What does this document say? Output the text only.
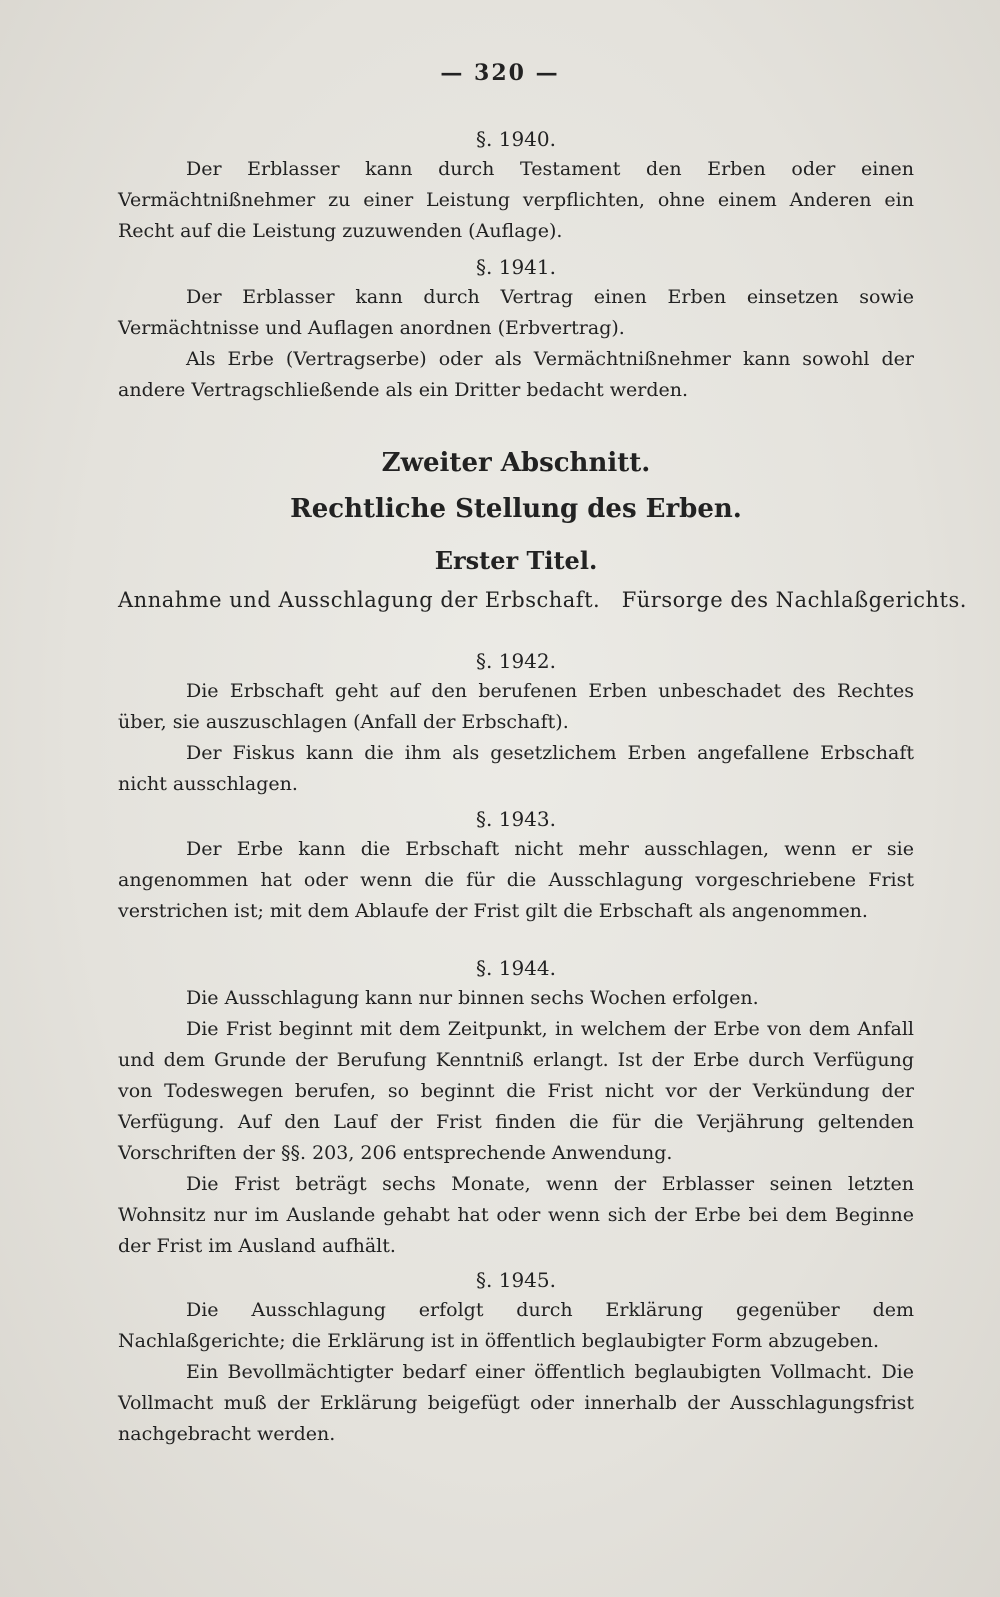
— 320 —

§. 1940.

Der Erblasser kann durch Testament den Erben oder einen Vermächtnißnehmer zu einer Leistung verpflichten, ohne einem Anderen ein Recht auf die Leistung zuzuwenden (Auflage).

§. 1941.

Der Erblasser kann durch Vertrag einen Erben einsetzen sowie Vermächtnisse und Auflagen anordnen (Erbvertrag).

Als Erbe (Vertragserbe) oder als Vermächtnißnehmer kann sowohl der andere Vertragschließende als ein Dritter bedacht werden.

Zweiter Abschnitt.

Rechtliche Stellung des Erben.

Erster Titel.

Annahme und Ausschlagung der Erbschaft.   Fürsorge des Nachlaßgerichts.

§. 1942.

Die Erbschaft geht auf den berufenen Erben unbeschadet des Rechtes über, sie auszuschlagen (Anfall der Erbschaft).

Der Fiskus kann die ihm als gesetzlichem Erben angefallene Erbschaft nicht ausschlagen.

§. 1943.

Der Erbe kann die Erbschaft nicht mehr ausschlagen, wenn er sie angenommen hat oder wenn die für die Ausschlagung vorgeschriebene Frist verstrichen ist; mit dem Ablaufe der Frist gilt die Erbschaft als angenommen.

§. 1944.

Die Ausschlagung kann nur binnen sechs Wochen erfolgen.

Die Frist beginnt mit dem Zeitpunkt, in welchem der Erbe von dem Anfall und dem Grunde der Berufung Kenntniß erlangt. Ist der Erbe durch Verfügung von Todeswegen berufen, so beginnt die Frist nicht vor der Verkündung der Verfügung. Auf den Lauf der Frist finden die für die Verjährung geltenden Vorschriften der §§. 203, 206 entsprechende Anwendung.

Die Frist beträgt sechs Monate, wenn der Erblasser seinen letzten Wohnsitz nur im Auslande gehabt hat oder wenn sich der Erbe bei dem Beginne der Frist im Ausland aufhält.

§. 1945.

Die Ausschlagung erfolgt durch Erklärung gegenüber dem Nachlaßgerichte; die Erklärung ist in öffentlich beglaubigter Form abzugeben.

Ein Bevollmächtigter bedarf einer öffentlich beglaubigten Vollmacht. Die Vollmacht muß der Erklärung beigefügt oder innerhalb der Ausschlagungsfrist nachgebracht werden.
